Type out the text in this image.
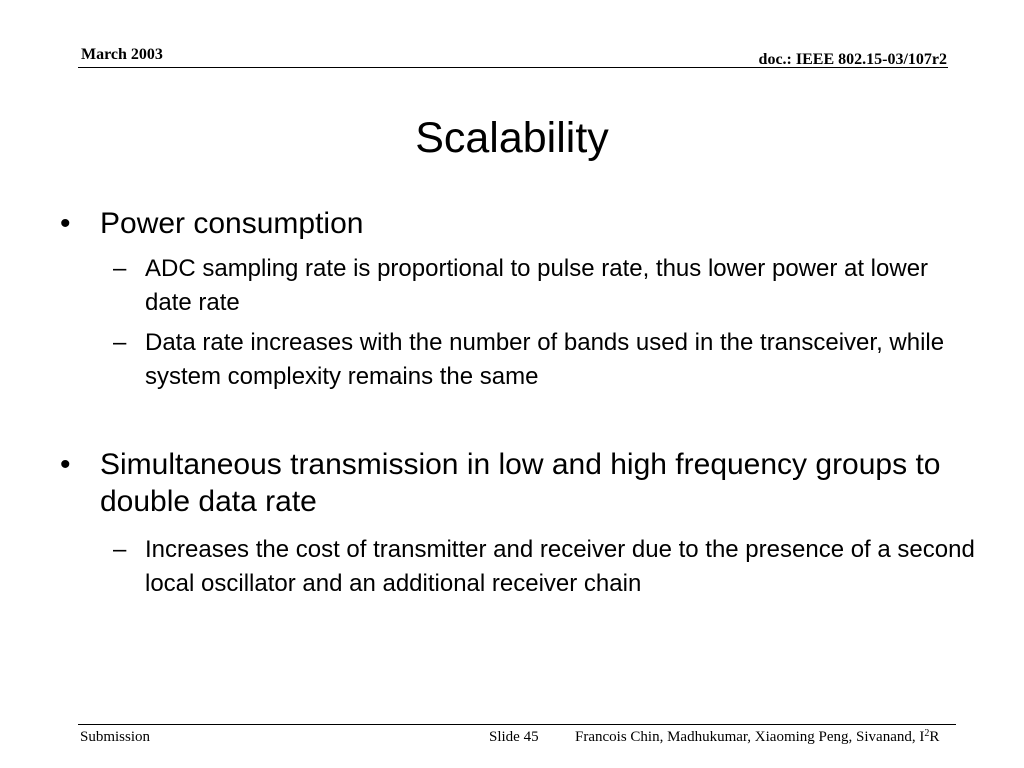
March 2003	doc.: IEEE 802.15-03/107r2
Scalability
• Power consumption
– ADC sampling rate is proportional to pulse rate, thus lower power at lower date rate
– Data rate increases with the number of bands used in the transceiver, while system complexity remains the same
• Simultaneous transmission in low and high frequency groups to double data rate
– Increases the cost of transmitter and receiver due to the presence of a second local oscillator and an additional receiver chain
Submission	Slide 45 Francois Chin, Madhukumar, Xiaoming Peng, Sivanand, $I^2R$
